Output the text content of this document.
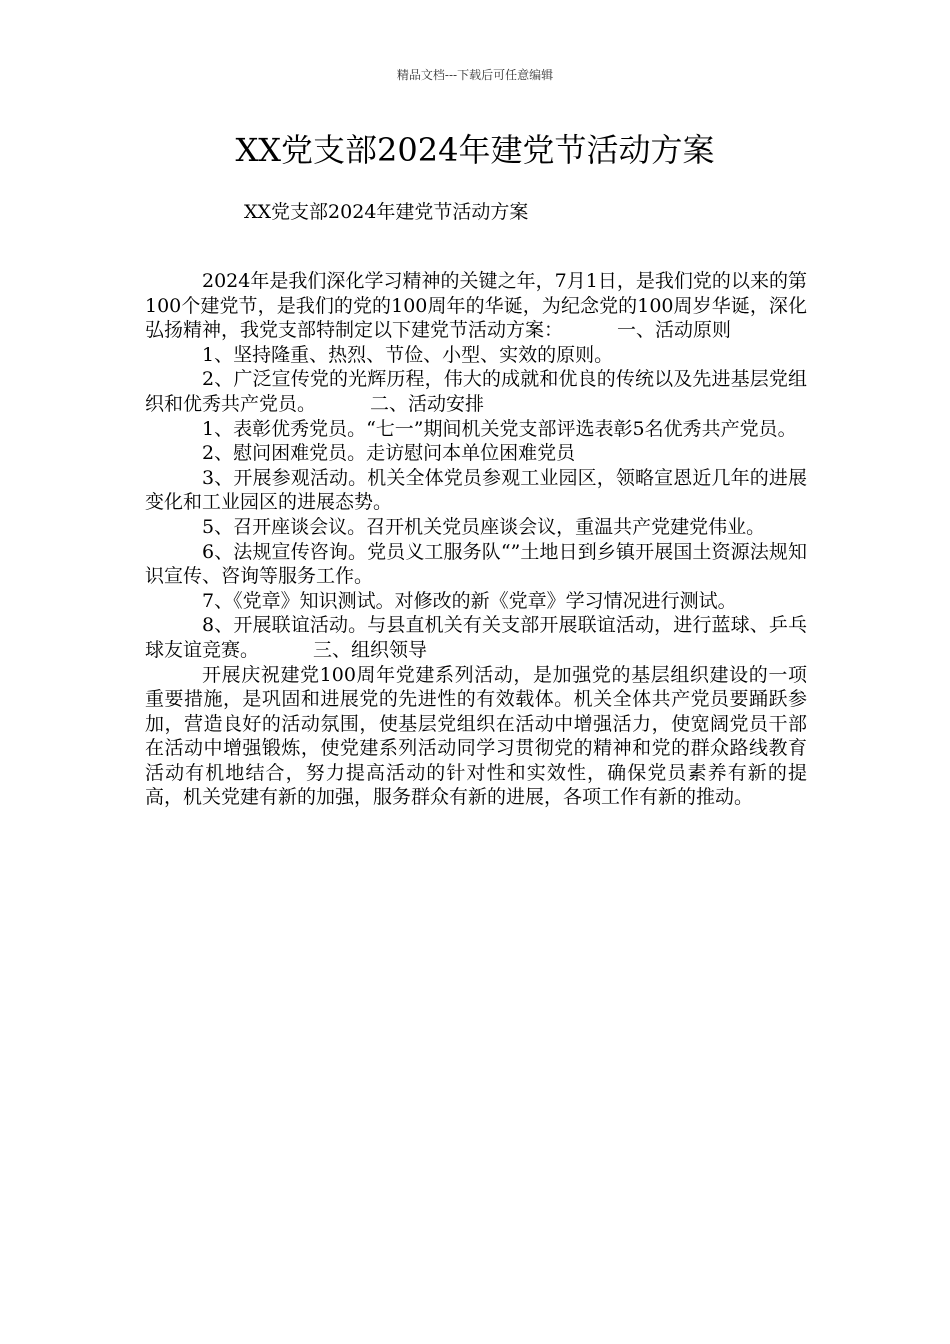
精品文档---下载后可任意编辑
XX党支部2024年建党节活动方案

XX党支部2024年建党节活动方案

2024年是我们深化学习精神的关键之年，7月1日，是我们党的以来的第100个建党节，是我们的党的100周年的华诞，为纪念党的100周岁华诞，深化弘扬精神，我党支部特制定以下建党节活动方案：	一、活动原则

1、坚持隆重、热烈、节俭、小型、实效的原则。

2、广泛宣传党的光辉历程，伟大的成就和优良的传统以及先进基层党组织和优秀共产党员。	二、活动安排

1、表彰优秀党员。“七一”期间机关党支部评选表彰5名优秀共产党员。

2、慰问困难党员。走访慰问本单位困难党员

3、开展参观活动。机关全体党员参观工业园区，领略宣恩近几年的进展变化和工业园区的进展态势。

5、召开座谈会议。召开机关党员座谈会议，重温共产党建党伟业。

6、法规宣传咨询。党员义工服务队“”土地日到乡镇开展国土资源法规知识宣传、咨询等服务工作。

7、《党章》知识测试。对修改的新《党章》学习情况进行测试。

8、开展联谊活动。与县直机关有关支部开展联谊活动，进行蓝球、乒乓球友谊竞赛。	三、组织领导

开展庆祝建党100周年党建系列活动，是加强党的基层组织建设的一项重要措施，是巩固和进展党的先进性的有效载体。机关全体共产党员要踊跃参加，营造良好的活动氛围，使基层党组织在活动中增强活力，使宽阔党员干部在活动中增强锻炼，使党建系列活动同学习贯彻党的精神和党的群众路线教育活动有机地结合，努力提高活动的针对性和实效性，确保党员素养有新的提高，机关党建有新的加强，服务群众有新的进展，各项工作有新的推动。
